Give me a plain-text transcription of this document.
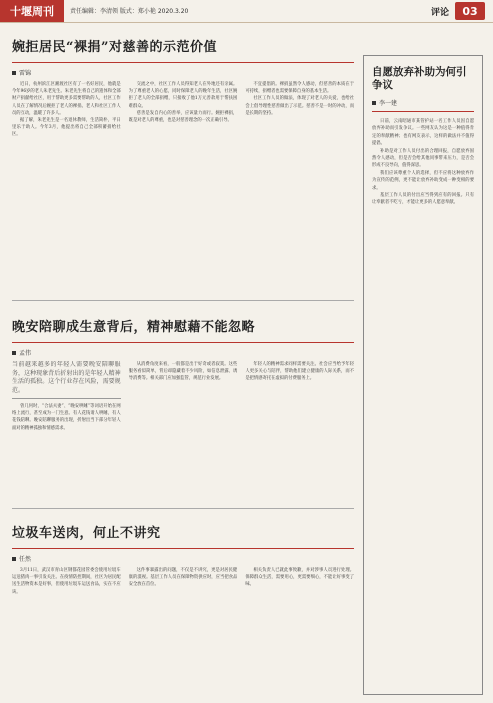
十堰周刊	责任编辑：李清领 版式：郑小艳 2020.3.20	评论	03
婉拒居民“裸捐”对慈善的示范价值
雷锦

近日，杭州滨江区湘渡社区有了一名好居民，他就是今年96岁的老人朱老先生。朱老先生将自己的遗体和全部财产捐献给社区，用于帮助更多需要帮助的人，社区工作人员在了解情况后婉拒了老人的裸捐。老人和社区工作人员的互动，温暖了许多人。

据了解，朱老先生是一名退休教师，生活简朴，平日里乐于助人。今年3月，他提出将自己全部积蓄捐给社区。

交流之中，社区工作人员得知老人在外地还有亲属。为了尊重老人的心愿，同时保障老人的晚年生活，社区婉拒了老人的全部捐赠，只接收了他1万元善款用于帮扶困难群众。

慈善是发自内心的善举，应该量力而行。婉拒裸捐，既是对老人的尊重，也是对慈善理念的一次正确引导。

不宜提倡的。裸捐虽然令人感动，但慈善的本质在于可持续，捐赠者也需要保障自身的基本生活。

社区工作人员的做法，体现了对老人的关爱，也给社会上倡导理性慈善做出了示范。慈善不是一时的冲动，而是长期的坚持。

晚安陪聊成生意背后，精神慰藉不能忽略
孟伟
当前越来越多的年轻人需要晚安陪聊服务，这种现象背后折射出的是年轻人精神生活的孤独。这个行业存在风险，需要规范。

曾几何时，“合法夫妻”、“晚安哄睡”等词语开始在网络上流行，甚至成为一门生意。有人花钱请人哄睡，有人花钱陪聊。晚安陪聊服务的出现，折射出当下部分年轻人面对的精神孤独和情感需求。

从消费角度来看，一般都是出于好奇或者寂寞。这些服务看似简单，背后却隐藏着不少风险，如信息泄露、诱导消费等。相关部门应加强监管，规范行业发展。

年轻人的精神需求同样需要关注。社会应当给予年轻人更多关心与陪伴，帮助他们建立健康的人际关系，而不是把情感寄托在虚拟的付费服务上。

垃圾车送肉，何止不讲究
任然

3月11日，武汉市青山区钢都花园管委会使用垃圾车运送猪肉一事引发关注。在疫情防控期间，社区为居民配送生活物资本是好事，但使用垃圾车运送食品，实在不应该。

这件事暴露出的问题，不仅是不讲究，更是对居民健康的漠视。基层工作人员在保障物资供应时，应当把食品安全放在首位。

相关负责人已就此事致歉，并对涉事人员进行处理。保障群众生活，需要用心，更需要细心，不能让好事变了味。

自愿放弃补助为何引争议
李一建

日前，云南昭通市某管护站一名工作人员因自愿放弃补助而引发争议。一些网友认为这是一种值得肯定的奉献精神；也有网友表示，这样的做法并不值得提倡。

补助是对工作人员付出的合理回报，自愿放弃固然令人感动，但是否会给其他同事带来压力，是否会形成不良导向，值得深思。

我们应该尊重个人的选择，但不应将这种放弃作为宣传的范例，更不能让放弃补助变成一种变相的要求。

基层工作人员的付出应当得到应有的回报。只有让奉献者不吃亏，才能让更多的人愿意奉献。
